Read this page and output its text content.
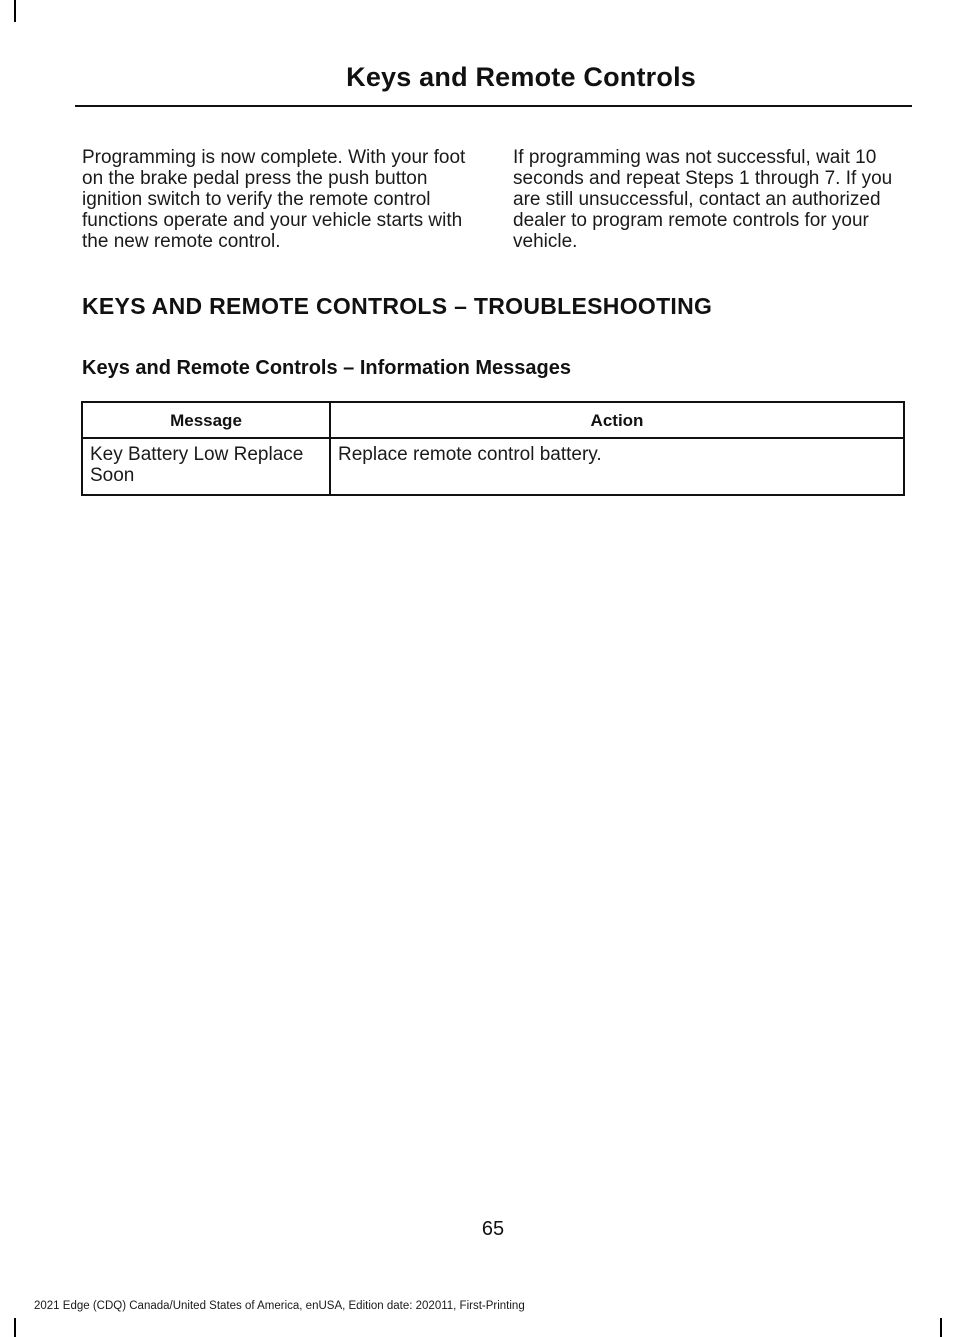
Keys and Remote Controls
Programming is now complete. With your foot on the brake pedal press the push button ignition switch to verify the remote control functions operate and your vehicle starts with the new remote control.
If programming was not successful, wait 10 seconds and repeat Steps 1 through 7. If you are still unsuccessful, contact an authorized dealer to program remote controls for your vehicle.
KEYS AND REMOTE CONTROLS – TROUBLESHOOTING
Keys and Remote Controls – Information Messages
Message	Action
Key Battery Low Replace Soon	Replace remote control battery.
65
2021 Edge (CDQ) Canada/United States of America, enUSA, Edition date: 202011, First-Printing
